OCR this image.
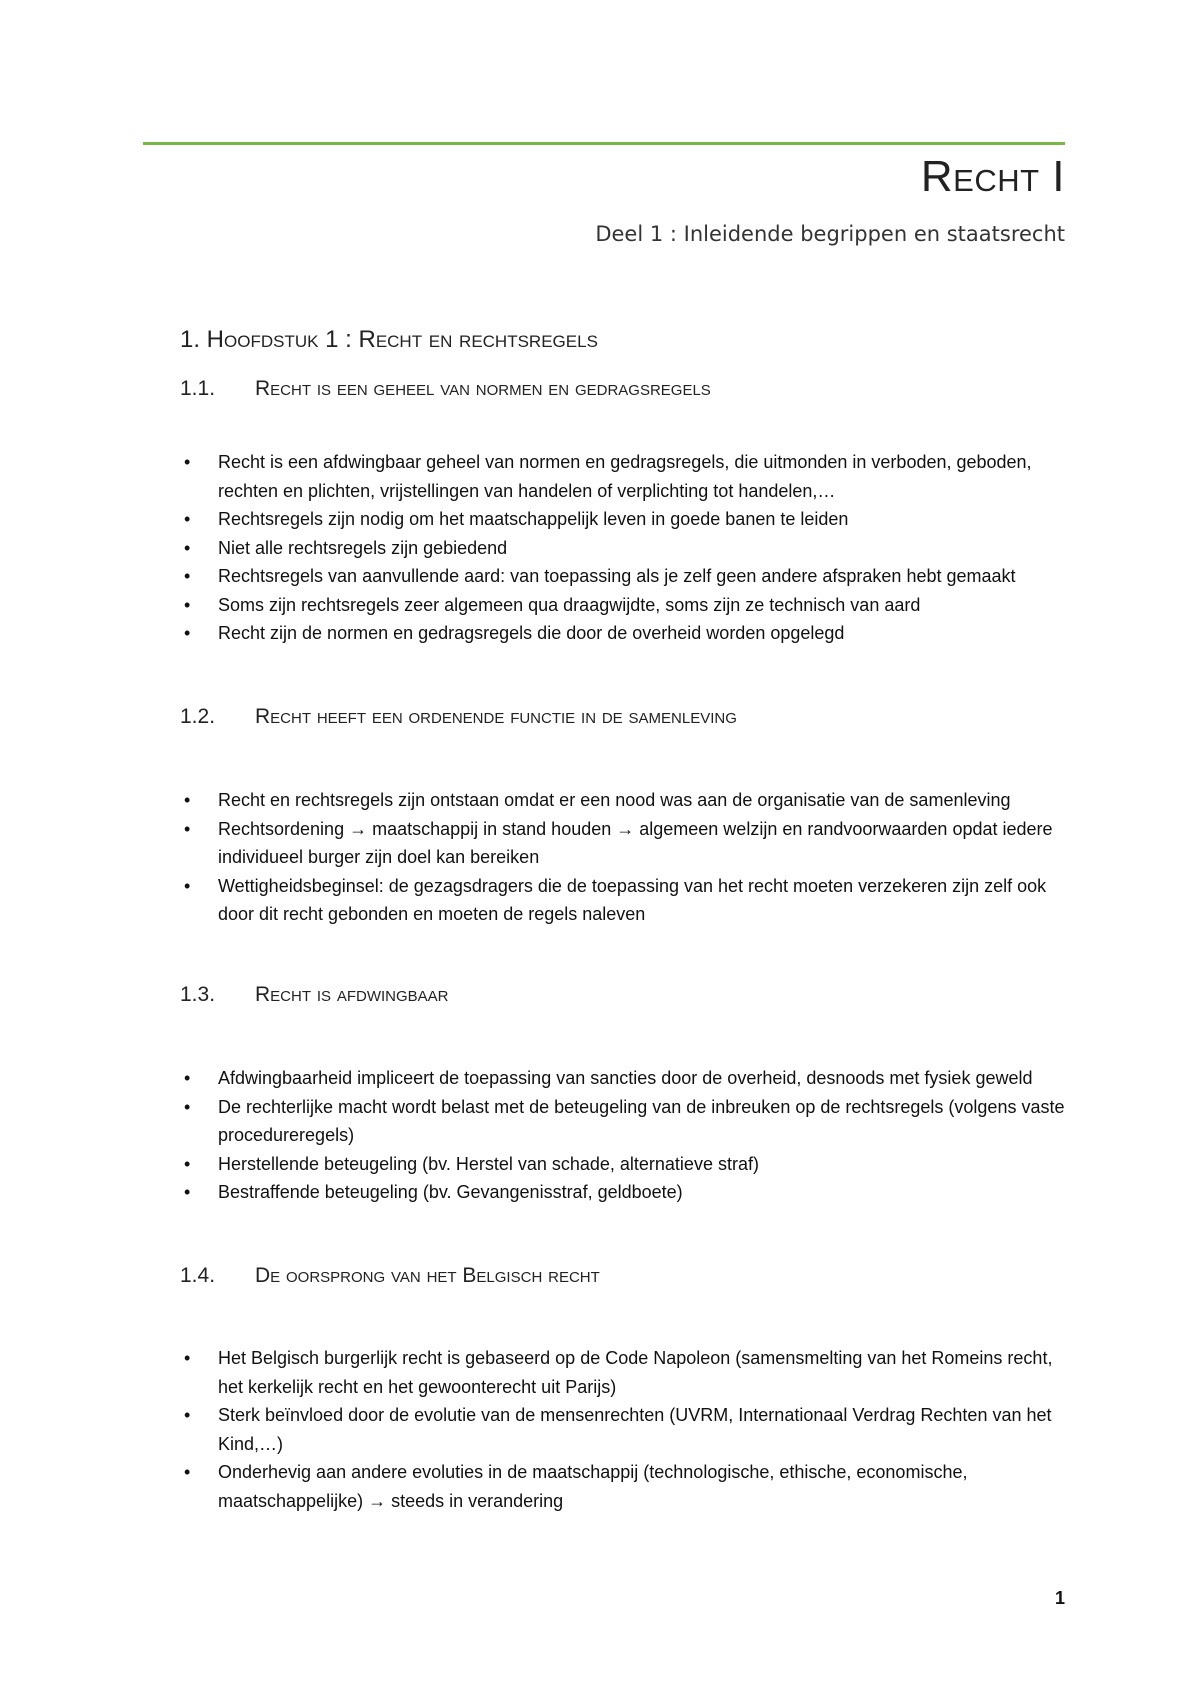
Recht I
Deel 1 : Inleidende begrippen en staatsrecht
1. Hoofdstuk 1 : Recht en rechtsregels
1.1. Recht is een geheel van normen en gedragsregels
• Recht is een afdwingbaar geheel van normen en gedragsregels, die uitmonden in verboden, geboden, rechten en plichten, vrijstellingen van handelen of verplichting tot handelen,…
• Rechtsregels zijn nodig om het maatschappelijk leven in goede banen te leiden
• Niet alle rechtsregels zijn gebiedend
• Rechtsregels van aanvullende aard: van toepassing als je zelf geen andere afspraken hebt gemaakt
• Soms zijn rechtsregels zeer algemeen qua draagwijdte, soms zijn ze technisch van aard
• Recht zijn de normen en gedragsregels die door de overheid worden opgelegd
1.2. Recht heeft een ordenende functie in de samenleving
• Recht en rechtsregels zijn ontstaan omdat er een nood was aan de organisatie van de samenleving
• Rechtsordening → maatschappij in stand houden → algemeen welzijn en randvoorwaarden opdat iedere individueel burger zijn doel kan bereiken
• Wettigheidsbeginsel: de gezagsdragers die de toepassing van het recht moeten verzekeren zijn zelf ook door dit recht gebonden en moeten de regels naleven
1.3. Recht is afdwingbaar
• Afdwingbaarheid impliceert de toepassing van sancties door de overheid, desnoods met fysiek geweld
• De rechterlijke macht wordt belast met de beteugeling van de inbreuken op de rechtsregels (volgens vaste procedureregels)
• Herstellende beteugeling (bv. Herstel van schade, alternatieve straf)
• Bestraffende beteugeling (bv. Gevangenisstraf, geldboete)
1.4. De oorsprong van het Belgisch recht
• Het Belgisch burgerlijk recht is gebaseerd op de Code Napoleon (samensmelting van het Romeins recht, het kerkelijk recht en het gewoonterecht uit Parijs)
• Sterk beïnvloed door de evolutie van de mensenrechten (UVRM, Internationaal Verdrag Rechten van het Kind,…)
• Onderhevig aan andere evoluties in de maatschappij (technologische, ethische, economische, maatschappelijke) → steeds in verandering
1
